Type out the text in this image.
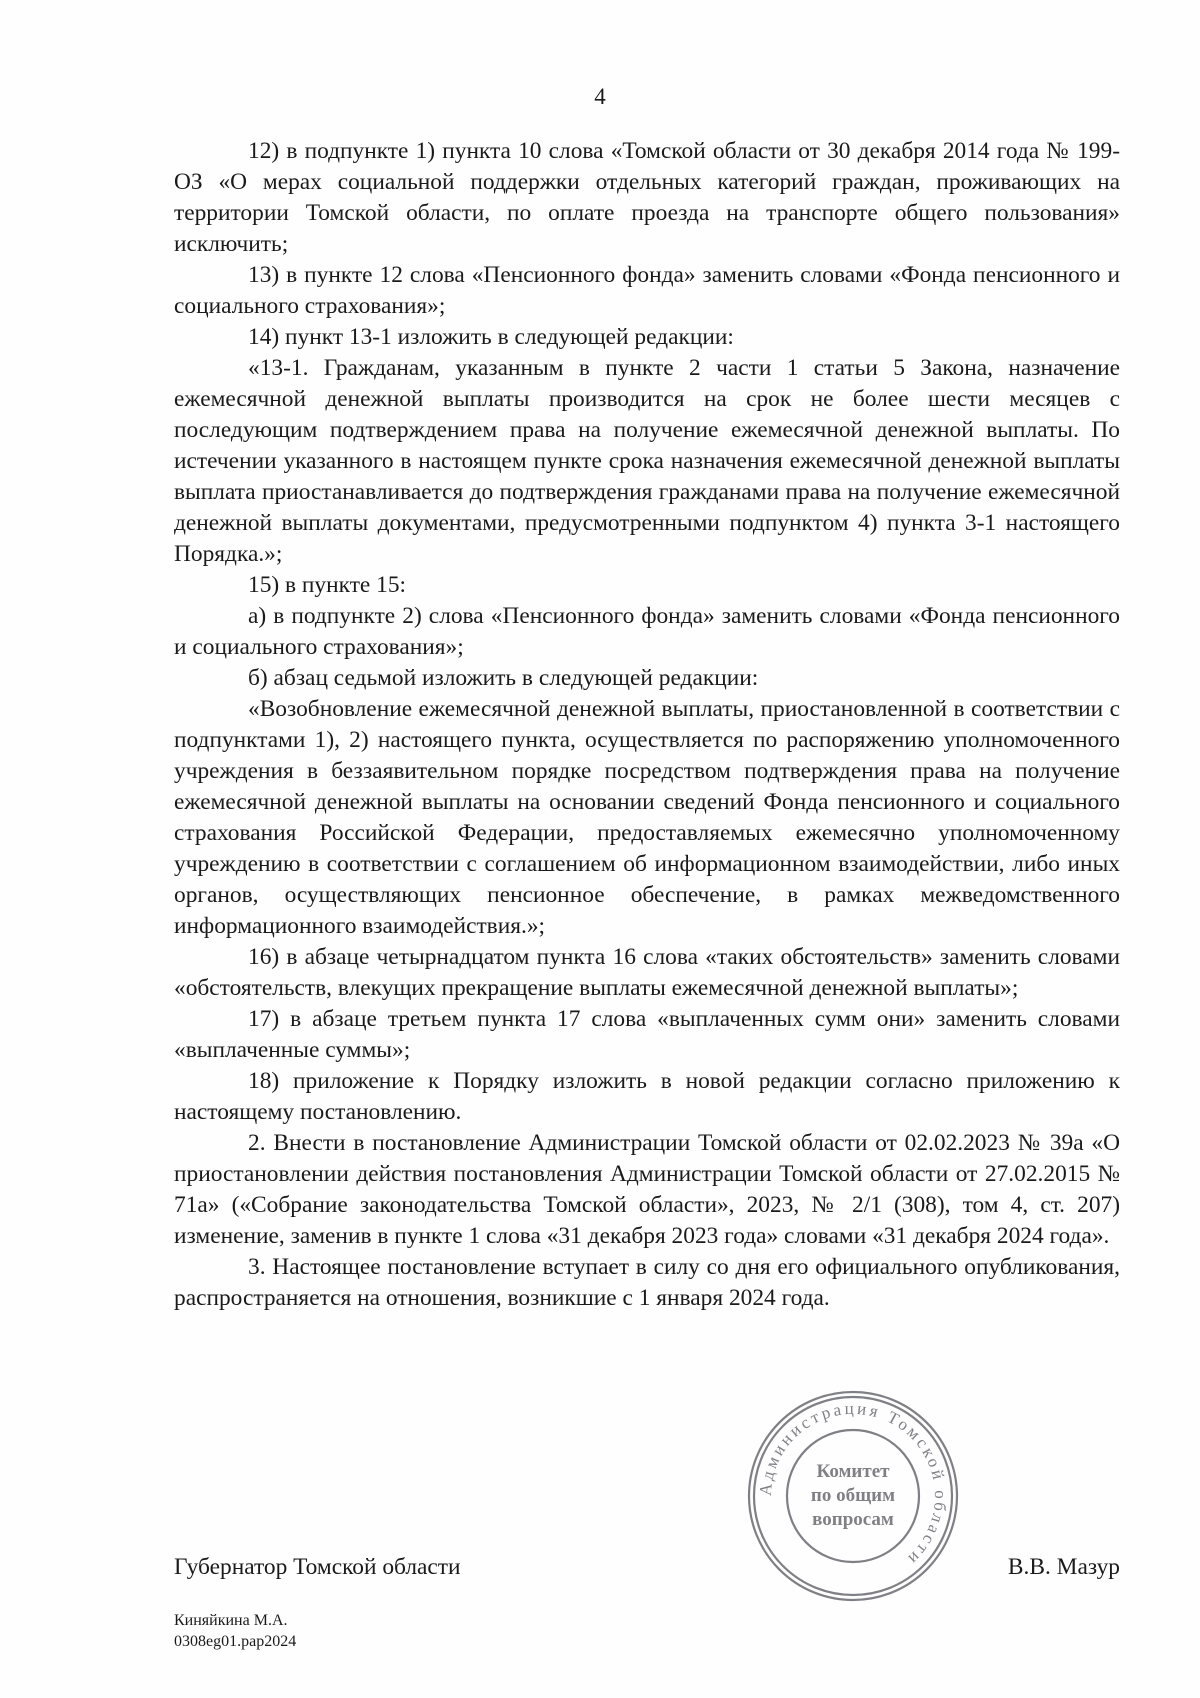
4

12) в подпункте 1) пункта 10 слова «Томской области от 30 декабря 2014 года № 199-ОЗ «О мерах социальной поддержки отдельных категорий граждан, проживающих на территории Томской области, по оплате проезда на транспорте общего пользования» исключить;

13) в пункте 12 слова «Пенсионного фонда» заменить словами «Фонда пенсионного и социального страхования»;

14) пункт 13-1 изложить в следующей редакции:

«13-1. Гражданам, указанным в пункте 2 части 1 статьи 5 Закона, назначение ежемесячной денежной выплаты производится на срок не более шести месяцев с последующим подтверждением права на получение ежемесячной денежной выплаты. По истечении указанного в настоящем пункте срока назначения ежемесячной денежной выплаты выплата приостанавливается до подтверждения гражданами права на получение ежемесячной денежной выплаты документами, предусмотренными подпунктом 4) пункта 3-1 настоящего Порядка.»;

15) в пункте 15:

а) в подпункте 2) слова «Пенсионного фонда» заменить словами «Фонда пенсионного и социального страхования»;

б) абзац седьмой изложить в следующей редакции:

«Возобновление ежемесячной денежной выплаты, приостановленной в соответствии с подпунктами 1), 2) настоящего пункта, осуществляется по распоряжению уполномоченного учреждения в беззаявительном порядке посредством подтверждения права на получение ежемесячной денежной выплаты на основании сведений Фонда пенсионного и социального страхования Российской Федерации, предоставляемых ежемесячно уполномоченному учреждению в соответствии с соглашением об информационном взаимодействии, либо иных органов, осуществляющих пенсионное обеспечение, в рамках межведомственного информационного взаимодействия.»;

16) в абзаце четырнадцатом пункта 16 слова «таких обстоятельств» заменить словами «обстоятельств, влекущих прекращение выплаты ежемесячной денежной выплаты»;

17) в абзаце третьем пункта 17 слова «выплаченных сумм они» заменить словами «выплаченные суммы»;

18) приложение к Порядку изложить в новой редакции согласно приложению к настоящему постановлению.

2. Внести в постановление Администрации Томской области от 02.02.2023 № 39а «О приостановлении действия постановления Администрации Томской области от 27.02.2015 № 71а» («Собрание законодательства Томской области», 2023, № 2/1 (308), том 4, ст. 207) изменение, заменив в пункте 1 слова «31 декабря 2023 года» словами «31 декабря 2024 года».

3. Настоящее постановление вступает в силу со дня его официального опубликования, распространяется на отношения, возникшие с 1 января 2024 года.

Администрация Томской области
Комитет
по общим
вопросам
Губернатор Томской области	В.В. Мазур
Киняйкина М.А.
0308eg01.pap2024
